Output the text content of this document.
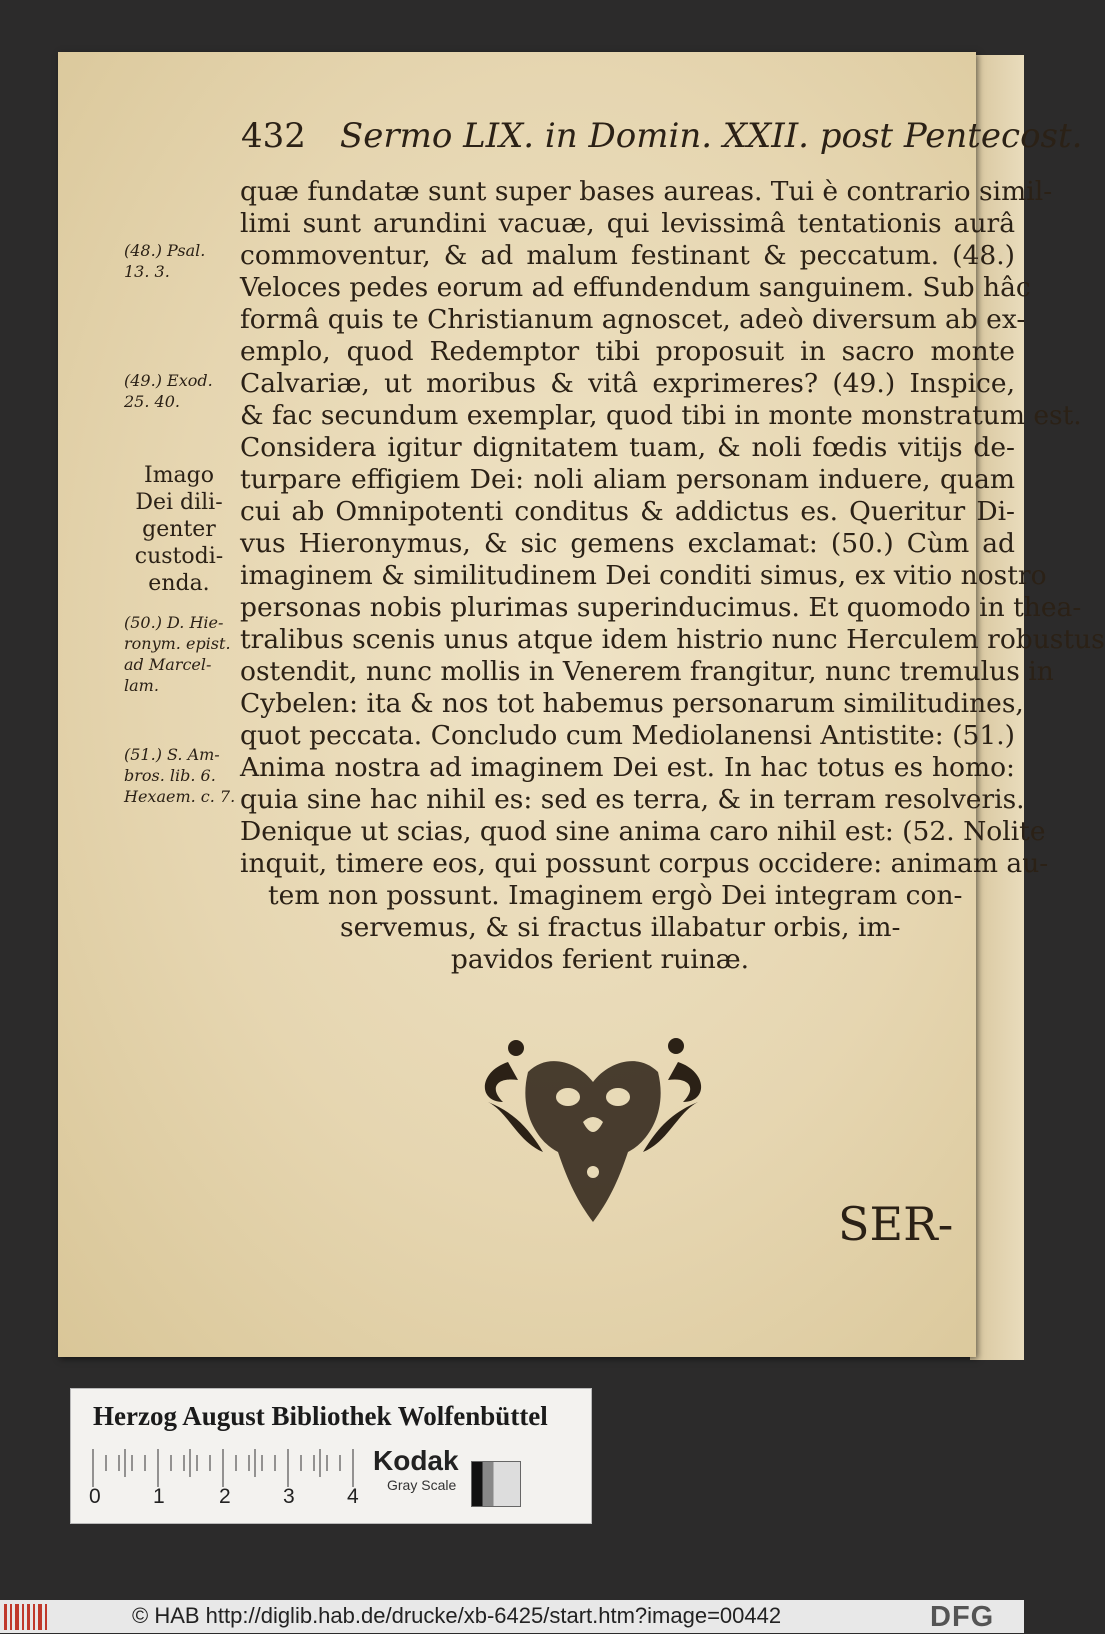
432 Sermo LIX. in Domin. XXII. post Pentecost.
quæ fundatæ sunt super bases aureas. Tui è contrario simil-
limi sunt arundini vacuæ, qui levissimâ tentationis aurâ
commoventur, & ad malum festinant & peccatum. (48.)
Veloces pedes eorum ad effundendum sanguinem. Sub hâc
formâ quis te Christianum agnoscet, adeò diversum ab ex-
emplo, quod Redemptor tibi proposuit in sacro monte
Calvariæ, ut moribus & vitâ exprimeres? (49.) Inspice,
& fac secundum exemplar, quod tibi in monte monstratum est.
Considera igitur dignitatem tuam, & noli fœdis vitijs de-
turpare effigiem Dei: noli aliam personam induere, quam
cui ab Omnipotenti conditus & addictus es. Queritur Di-
vus Hieronymus, & sic gemens exclamat: (50.) Cùm ad
imaginem & similitudinem Dei conditi simus, ex vitio nostro
personas nobis plurimas superinducimus. Et quomodo in thea-
tralibus scenis unus atque idem histrio nunc Herculem robustus
ostendit, nunc mollis in Venerem frangitur, nunc tremulus in
Cybelen: ita & nos tot habemus personarum similitudines,
quot peccata. Concludo cum Mediolanensi Antistite: (51.)
Anima nostra ad imaginem Dei est. In hac totus es homo:
quia sine hac nihil es: sed es terra, & in terram resolveris.
Denique ut scias, quod sine anima caro nihil est: (52. Nolite
inquit, timere eos, qui possunt corpus occidere: animam au-
tem non possunt. Imaginem ergò Dei integram con-
servemus, & si fractus illabatur orbis, im-
pavidos ferient ruinæ.
(48.) Psal.
13. 3.
(49.) Exod.
25. 40.
Imago
Dei dili-
genter
custodi-
enda.
(50.) D. Hie-
ronym. epist.
ad Marcel-
lam.
(51.) S. Am-
bros. lib. 6.
Hexaem. c. 7.
SER-
Herzog August Bibliothek Wolfenbüttel
0 1	2 3 4
Kodak
Gray Scale
© HAB http://diglib.hab.de/drucke/xb-6425/start.htm?image=00442	DFG
